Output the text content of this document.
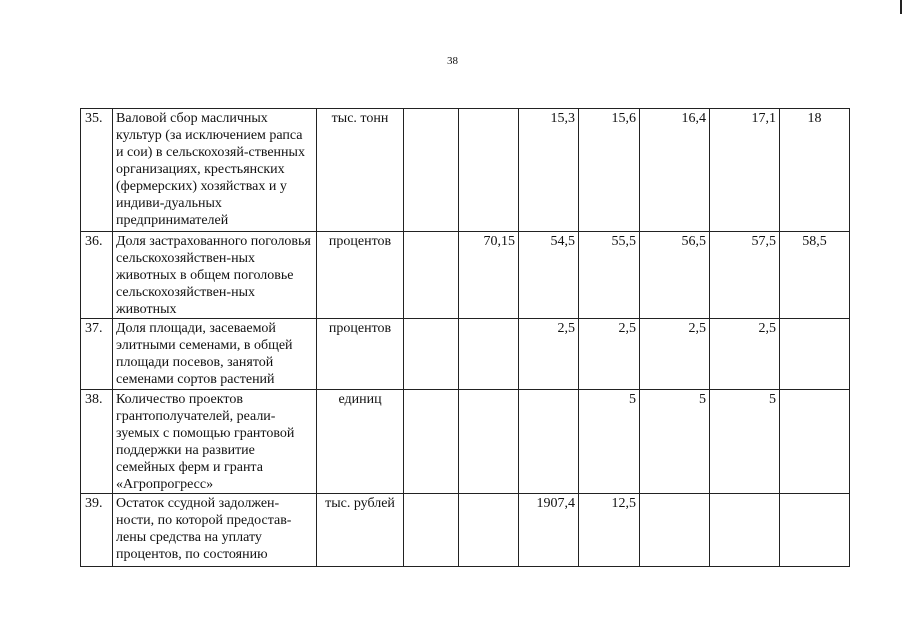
38
35.	Валовой сбор масличных культур (за исключением рапса и сои) в сельскохозяй-ственных организациях, крестьянских (фермерских) хозяйствах и у индиви-дуальных предпринимателей	тыс. тонн			15,3	15,6	16,4	17,1	18
36.	Доля застрахованного поголовья сельскохозяйствен-ных животных в общем поголовье сельскохозяйствен-ных животных	процентов		70,15	54,5	55,5	56,5	57,5	58,5
37.	Доля площади, засеваемой элитными семенами, в общей площади посевов, занятой семенами сортов растений	процентов			2,5	2,5	2,5	2,5	
38.	Количество проектов грантополучателей, реали-зуемых с помощью грантовой поддержки на развитие семейных ферм и гранта «Агропрогресс»	единиц				5	5	5	
39.	Остаток ссудной задолжен-ности, по которой предостав-лены средства на уплату процентов, по состоянию	тыс. рублей			1907,4	12,5			
